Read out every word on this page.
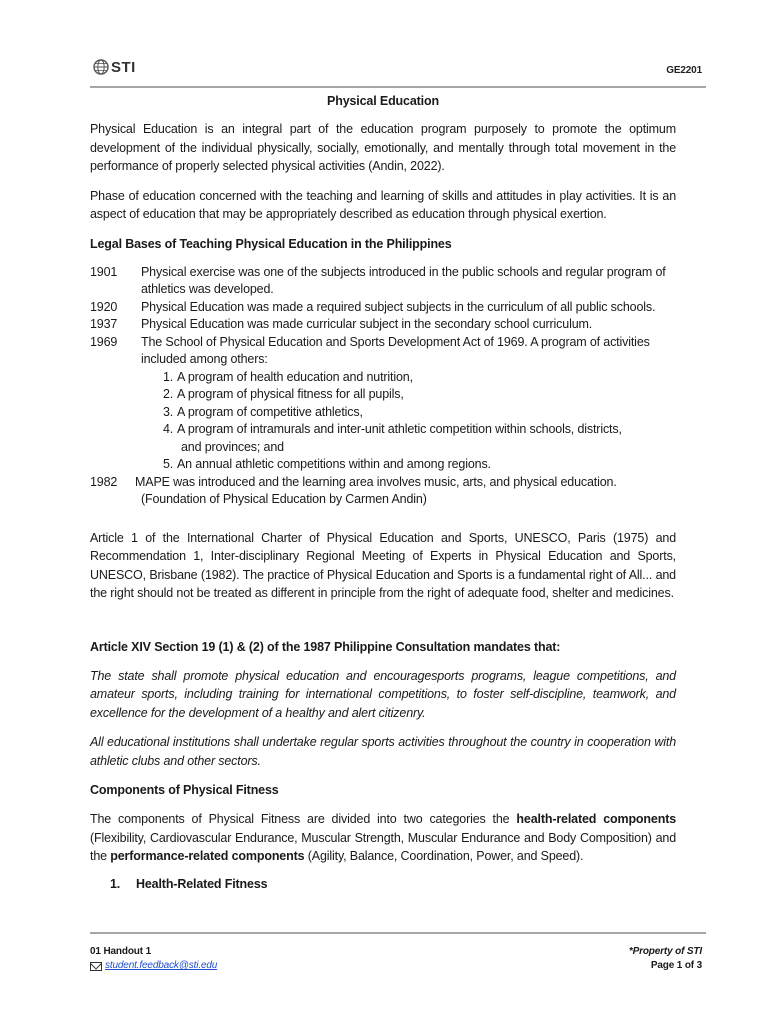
STI	GE2201
Physical Education

Physical Education is an integral part of the education program purposely to promote the optimum development of the individual physically, socially, emotionally, and mentally through total movement in the performance of properly selected physical activities (Andin, 2022).

Phase of education concerned with the teaching and learning of skills and attitudes in play activities. It is an aspect of education that may be appropriately described as education through physical exertion.

Legal Bases of Teaching Physical Education in the Philippines
1901	Physical exercise was one of the subjects introduced in the public schools and regular program of athletics was developed.
1920	Physical Education was made a required subject subjects in the curriculum of all public schools.
1937	Physical Education was made curricular subject in the secondary school curriculum.
1969	The School of Physical Education and Sports Development Act of 1969. A program of activities included among others:
1. A program of health education and nutrition,
2. A program of physical fitness for all pupils,
3. A program of competitive athletics,
4. A program of intramurals and inter-unit athletic competition within schools, districts,
and provinces; and
5. An annual athletic competitions within and among regions.
1982	MAPE was introduced and the learning area involves music, arts, and physical education.
(Foundation of Physical Education by Carmen Andin)

Article 1 of the International Charter of Physical Education and Sports, UNESCO, Paris (1975) and Recommendation 1, Inter-disciplinary Regional Meeting of Experts in Physical Education and Sports, UNESCO, Brisbane (1982). The practice of Physical Education and Sports is a fundamental right of All... and the right should not be treated as different in principle from the right of adequate food, shelter and medicines.

Article XIV Section 19 (1) & (2) of the 1987 Philippine Consultation mandates that:

The state shall promote physical education and encouragesports programs, league competitions, and amateur sports, including training for international competitions, to foster self-discipline, teamwork, and excellence for the development of a healthy and alert citizenry.

All educational institutions shall undertake regular sports activities throughout the country in cooperation with athletic clubs and other sectors.

Components of Physical Fitness

The components of Physical Fitness are divided into two categories the health-related components (Flexibility, Cardiovascular Endurance, Muscular Strength, Muscular Endurance and Body Composition) and the performance-related components (Agility, Balance, Coordination, Power, and Speed).

1.	Health-Related Fitness
01 Handout 1
student.feedback@sti.edu
*Property of STI
Page 1 of 3
